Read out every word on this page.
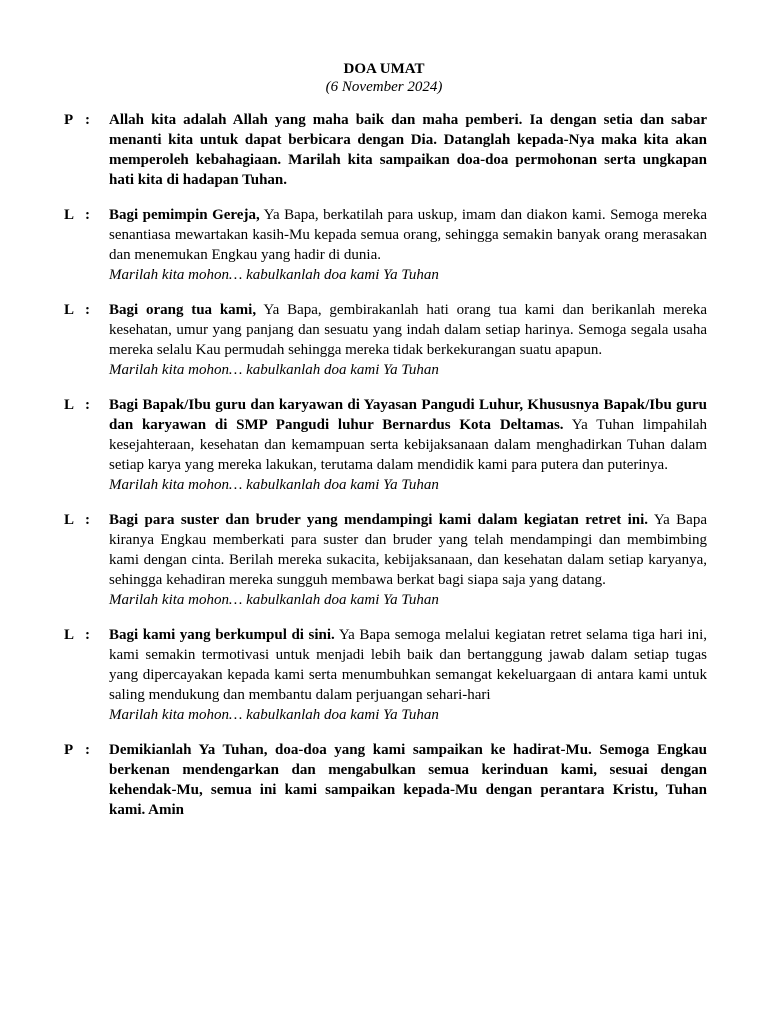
DOA UMAT
(6 November 2024)
P :	Allah kita adalah Allah yang maha baik dan maha pemberi. Ia dengan setia dan sabar menanti kita untuk dapat berbicara dengan Dia. Datanglah kepada-Nya maka kita akan memperoleh kebahagiaan. Marilah kita sampaikan doa-doa permohonan serta ungkapan hati kita di hadapan Tuhan.

L :	Bagi pemimpin Gereja, Ya Bapa, berkatilah para uskup, imam dan diakon kami. Semoga mereka senantiasa mewartakan kasih-Mu kepada semua orang, sehingga semakin banyak orang merasakan dan menemukan Engkau yang hadir di dunia.

Marilah kita mohon… kabulkanlah doa kami Ya Tuhan

L :	Bagi orang tua kami, Ya Bapa, gembirakanlah hati orang tua kami dan berikanlah mereka kesehatan, umur yang panjang dan sesuatu yang indah dalam setiap harinya. Semoga segala usaha mereka selalu Kau permudah sehingga mereka tidak berkekurangan suatu apapun.

Marilah kita mohon… kabulkanlah doa kami Ya Tuhan

L :	Bagi Bapak/Ibu guru dan karyawan di Yayasan Pangudi Luhur, Khususnya Bapak/Ibu guru dan karyawan di SMP Pangudi luhur Bernardus Kota Deltamas. Ya Tuhan limpahilah kesejahteraan, kesehatan dan kemampuan serta kebijaksanaan dalam menghadirkan Tuhan dalam setiap karya yang mereka lakukan, terutama dalam mendidik kami para putera dan puterinya.

Marilah kita mohon… kabulkanlah doa kami Ya Tuhan

L :	Bagi para suster dan bruder yang mendampingi kami dalam kegiatan retret ini. Ya Bapa kiranya Engkau memberkati para suster dan bruder yang telah mendampingi dan membimbing kami dengan cinta. Berilah mereka sukacita, kebijaksanaan, dan kesehatan dalam setiap karyanya, sehingga kehadiran mereka sungguh membawa berkat bagi siapa saja yang datang.

Marilah kita mohon… kabulkanlah doa kami Ya Tuhan

L :	Bagi kami yang berkumpul di sini. Ya Bapa semoga melalui kegiatan retret selama tiga hari ini, kami semakin termotivasi untuk menjadi lebih baik dan bertanggung jawab dalam setiap tugas yang dipercayakan kepada kami serta menumbuhkan semangat kekeluargaan di antara kami untuk saling mendukung dan membantu dalam perjuangan sehari-hari

Marilah kita mohon… kabulkanlah doa kami Ya Tuhan

P :	Demikianlah Ya Tuhan, doa-doa yang kami sampaikan ke hadirat-Mu. Semoga Engkau berkenan mendengarkan dan mengabulkan semua kerinduan kami, sesuai dengan kehendak-Mu, semua ini kami sampaikan kepada-Mu dengan perantara Kristu, Tuhan kami. Amin
